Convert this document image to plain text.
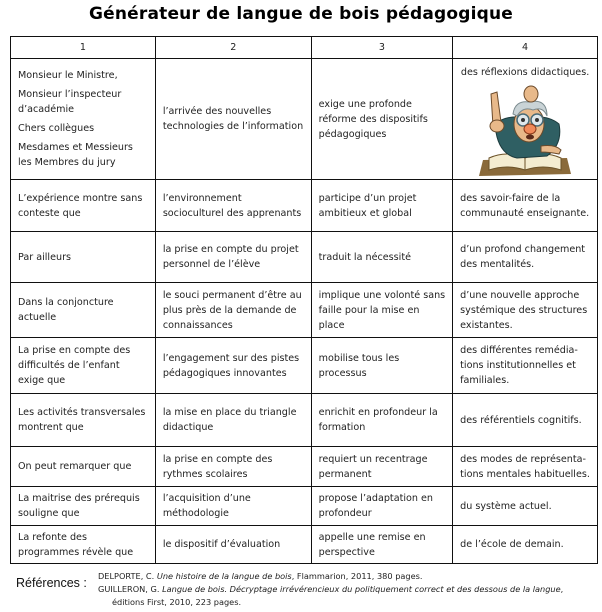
Générateur de langue de bois pédagogique
1	2	3	4

Monsieur le Ministre,

Monsieur l’inspecteur d’académie

Chers collègues

Mesdames et Messieurs les Membres du jury	l’arrivée des nouvelles technologies de l’information	exige une profonde réforme des dispositifs pédagogiques	des réflexions didactiques.

L’expérience montre sans conteste que	l’environnement socioculturel des apprenants	participe d’un projet ambitieux et global	des savoir-faire de la communauté enseignante.
Par ailleurs	la prise en compte du projet personnel de l’élève	traduit la nécessité	d’un profond changement des mentalités.
Dans la conjoncture actuelle	le souci permanent d’être au plus près de la demande de connaissances	implique une volonté sans faille pour la mise en place	d’une nouvelle approche systémique des structures existantes.
La prise en compte des difficultés de l’enfant exige que	l’engagement sur des pistes pédagogiques innovantes	mobilise tous les processus	des différentes remédia-tions institutionnelles et familiales.
Les activités transversales montrent que	la mise en place du triangle didactique	enrichit en profondeur la formation	des référentiels cognitifs.
On peut remarquer que	la prise en compte des rythmes scolaires	requiert un recentrage permanent	des modes de représenta-tions mentales habituelles.
La maitrise des prérequis souligne que	l’acquisition d’une méthodologie	propose l’adaptation en profondeur	du système actuel.
La refonte des programmes révèle que	le dispositif d’évaluation	appelle une remise en perspective	de l’école de demain.
Références : DELPORTE, C. Une histoire de la langue de bois, Flammarion, 2011, 380 pages.

GUILLERON, G. Langue de bois. Décryptage irrévérencieux du politiquement correct et des dessous de la langue,
éditions First, 2010, 223 pages.
